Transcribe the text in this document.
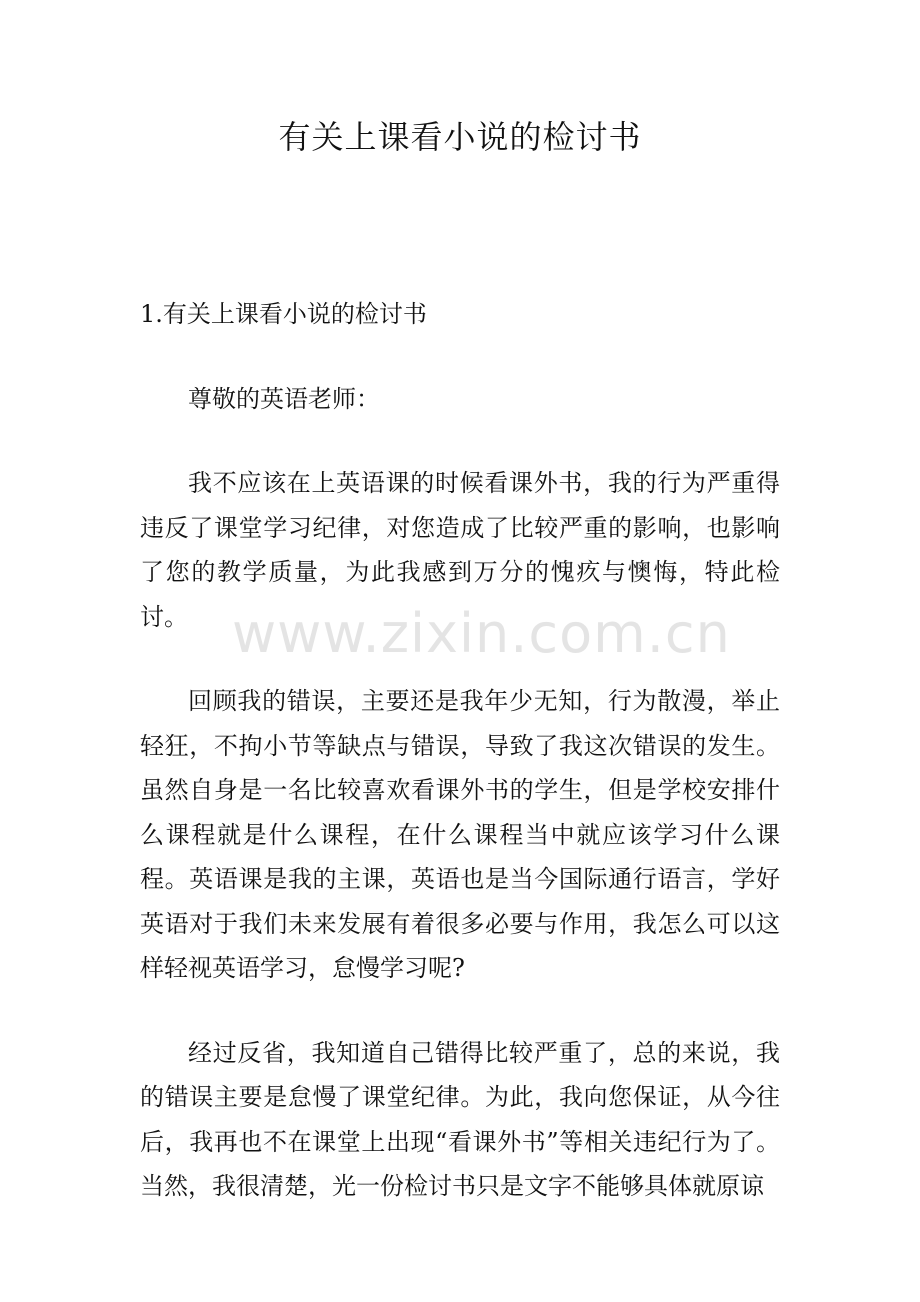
有关上课看小说的检讨书

1.有关上课看小说的检讨书

尊敬的英语老师：

我不应该在上英语课的时候看课外书，我的行为严重得违反了课堂学习纪律，对您造成了比较严重的影响，也影响了您的教学质量，为此我感到万分的愧疚与懊悔，特此检讨。

回顾我的错误，主要还是我年少无知，行为散漫，举止轻狂，不拘小节等缺点与错误，导致了我这次错误的发生。虽然自身是一名比较喜欢看课外书的学生，但是学校安排什么课程就是什么课程，在什么课程当中就应该学习什么课程。英语课是我的主课，英语也是当今国际通行语言，学好英语对于我们未来发展有着很多必要与作用，我怎么可以这样轻视英语学习，怠慢学习呢?

经过反省，我知道自己错得比较严重了，总的来说，我的错误主要是怠慢了课堂纪律。为此，我向您保证，从今往后，我再也不在课堂上出现“看课外书”等相关违纪行为了。当然，我很清楚，光一份检讨书只是文字不能够具体就原谅

www.zixin.com.cn
